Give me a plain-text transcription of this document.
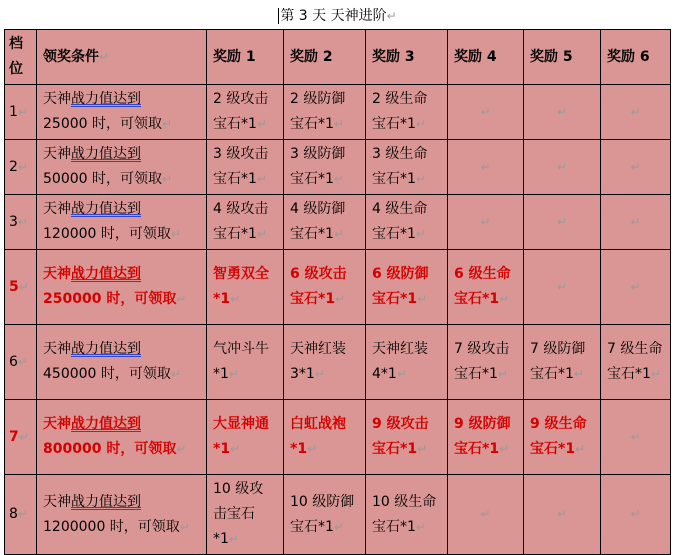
第 3 天 天神进阶↵
档位	领奖条件↵	奖励 1	奖励 2	奖励 3	奖励 4	奖励 5	奖励 6
1↵	天神战力值达到
25000 时，可领取↵	2 级攻击宝石*1↵	2 级防御宝石*1↵	2 级生命宝石*1↵	↵	↵	↵
2↵	天神战力值达到
50000 时，可领取↵	3 级攻击宝石*1↵	3 级防御宝石*1↵	3 级生命宝石*1↵	↵	↵	↵
3↵	天神战力值达到
120000 时，可领取↵	4 级攻击宝石*1↵	4 级防御宝石*1↵	4 级生命宝石*1↵	↵	↵	↵
5↵	天神战力值达到
250000 时，可领取↵	智勇双全*1↵	6 级攻击宝石*1↵	6 级防御宝石*1↵	6 级生命宝石*1↵	↵	↵
6↵	天神战力值达到
450000 时，可领取↵	气冲斗牛*1↵	天神红装 3*1↵	天神红装 4*1↵	7 级攻击宝石*1↵	7 级防御宝石*1↵	7 级生命宝石*1↵
7↵	天神战力值达到
800000 时，可领取↵	大显神通*1↵	白虹战袍*1↵	9 级攻击宝石*1↵	9 级防御宝石*1↵	9 级生命宝石*1↵	↵
8↵	天神战力值达到
1200000 时，可领取↵	10 级攻击宝石*1↵	10 级防御宝石*1↵	10 级生命宝石*1↵	↵	↵	↵
